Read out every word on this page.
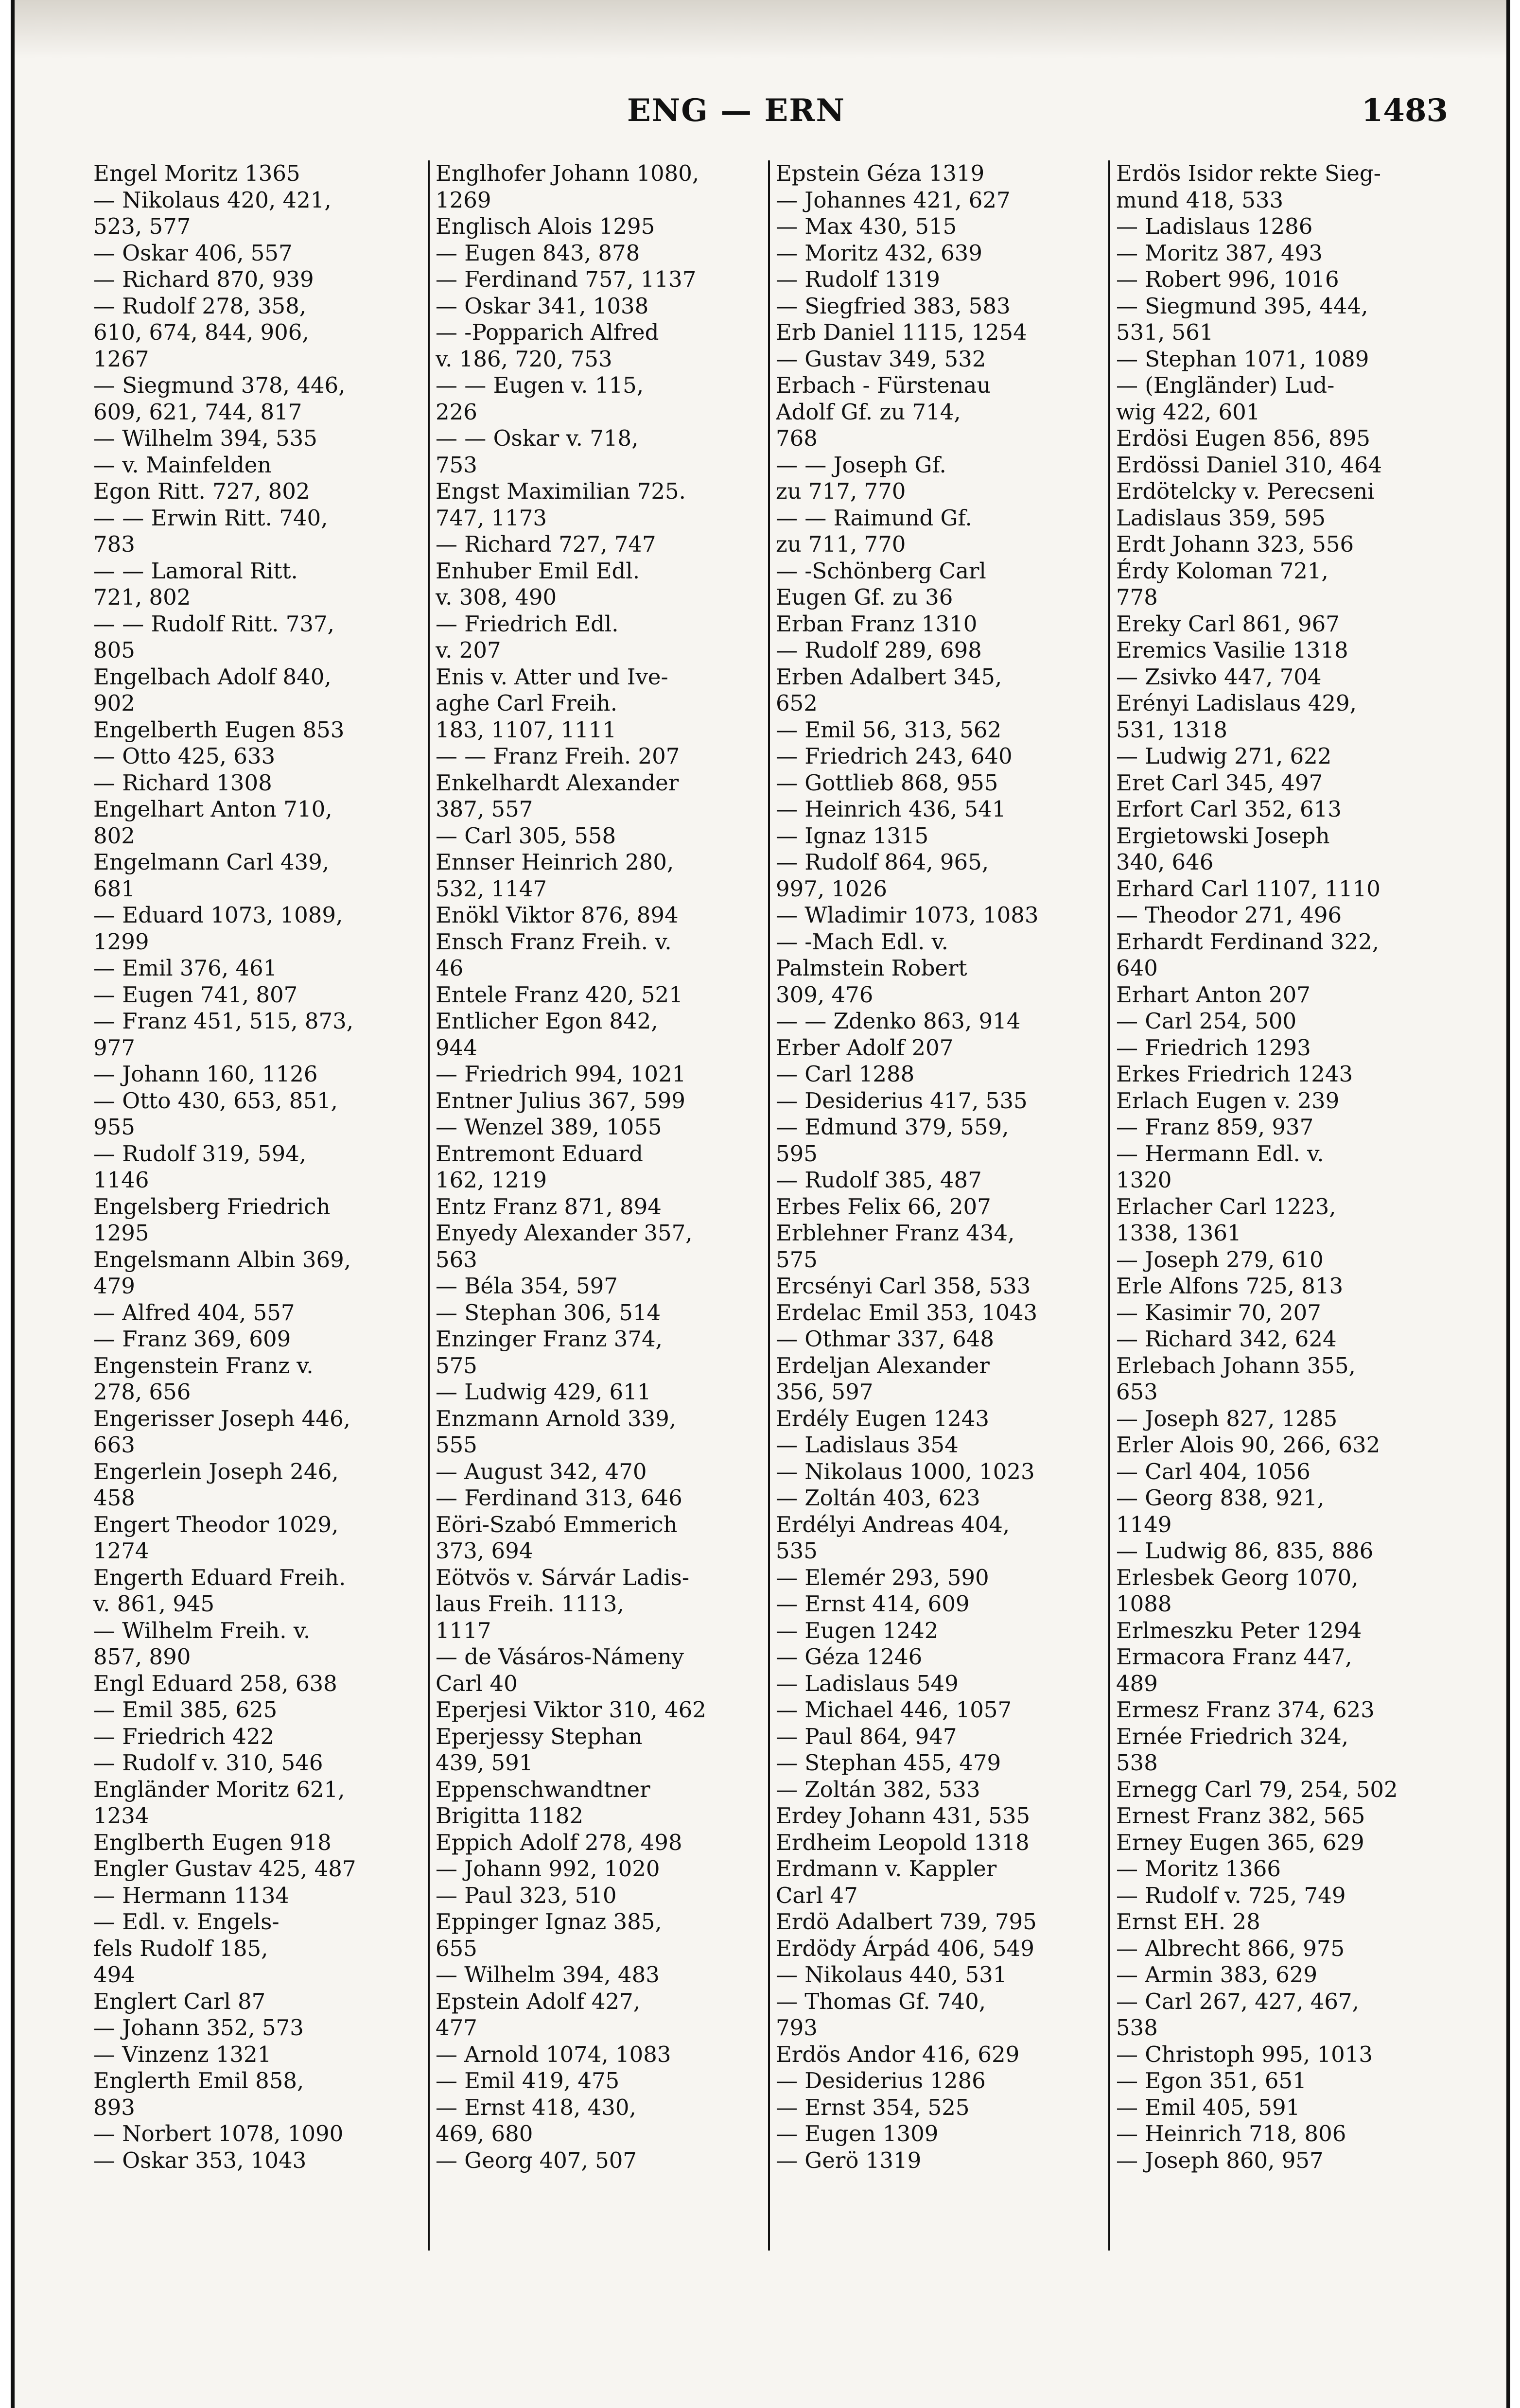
ENG — ERN	1483
Engel Moritz 1365
— Nikolaus 420, 421,
523, 577
— Oskar 406, 557
— Richard 870, 939
— Rudolf 278, 358,
610, 674, 844, 906,
1267
— Siegmund 378, 446,
609, 621, 744, 817
— Wilhelm 394, 535
— v. Mainfelden
Egon Ritt. 727, 802
— — Erwin Ritt. 740,
783
— — Lamoral Ritt.
721, 802
— — Rudolf Ritt. 737,
805
Engelbach Adolf 840,
902
Engelberth Eugen 853
— Otto 425, 633
— Richard 1308
Engelhart Anton 710,
802
Engelmann Carl 439,
681
— Eduard 1073, 1089,
1299
— Emil 376, 461
— Eugen 741, 807
— Franz 451, 515, 873,
977
— Johann 160, 1126
— Otto 430, 653, 851,
955
— Rudolf 319, 594,
1146
Engelsberg Friedrich
1295
Engelsmann Albin 369,
479
— Alfred 404, 557
— Franz 369, 609
Engenstein Franz v.
278, 656
Engerisser Joseph 446,
663
Engerlein Joseph 246,
458
Engert Theodor 1029,
1274
Engerth Eduard Freih.
v. 861, 945
— Wilhelm Freih. v.
857, 890
Engl Eduard 258, 638
— Emil 385, 625
— Friedrich 422
— Rudolf v. 310, 546
Engländer Moritz 621,
1234
Englberth Eugen 918
Engler Gustav 425, 487
— Hermann 1134
— Edl. v. Engels-
fels Rudolf 185,
494
Englert Carl 87
— Johann 352, 573
— Vinzenz 1321
Englerth Emil 858,
893
— Norbert 1078, 1090
— Oskar 353, 1043
Englhofer Johann 1080,
1269
Englisch Alois 1295
— Eugen 843, 878
— Ferdinand 757, 1137
— Oskar 341, 1038
— -Popparich Alfred
v. 186, 720, 753
— — Eugen v. 115,
226
— — Oskar v. 718,
753
Engst Maximilian 725.
747, 1173
— Richard 727, 747
Enhuber Emil Edl.
v. 308, 490
— Friedrich Edl.
v. 207
Enis v. Atter und Ive-
aghe Carl Freih.
183, 1107, 1111
— — Franz Freih. 207
Enkelhardt Alexander
387, 557
— Carl 305, 558
Ennser Heinrich 280,
532, 1147
Enökl Viktor 876, 894
Ensch Franz Freih. v.
46
Entele Franz 420, 521
Entlicher Egon 842,
944
— Friedrich 994, 1021
Entner Julius 367, 599
— Wenzel 389, 1055
Entremont Eduard
162, 1219
Entz Franz 871, 894
Enyedy Alexander 357,
563
— Béla 354, 597
— Stephan 306, 514
Enzinger Franz 374,
575
— Ludwig 429, 611
Enzmann Arnold 339,
555
— August 342, 470
— Ferdinand 313, 646
Eöri-Szabó Emmerich
373, 694
Eötvös v. Sárvár Ladis-
laus Freih. 1113,
1117
— de Vásáros-Námeny
Carl 40
Eperjesi Viktor 310, 462
Eperjessy Stephan
439, 591
Eppenschwandtner
Brigitta 1182
Eppich Adolf 278, 498
— Johann 992, 1020
— Paul 323, 510
Eppinger Ignaz 385,
655
— Wilhelm 394, 483
Epstein Adolf 427,
477
— Arnold 1074, 1083
— Emil 419, 475
— Ernst 418, 430,
469, 680
— Georg 407, 507
Epstein Géza 1319
— Johannes 421, 627
— Max 430, 515
— Moritz 432, 639
— Rudolf 1319
— Siegfried 383, 583
Erb Daniel 1115, 1254
— Gustav 349, 532
Erbach - Fürstenau
Adolf Gf. zu 714,
768
— — Joseph Gf.
zu 717, 770
— — Raimund Gf.
zu 711, 770
— -Schönberg Carl
Eugen Gf. zu 36
Erban Franz 1310
— Rudolf 289, 698
Erben Adalbert 345,
652
— Emil 56, 313, 562
— Friedrich 243, 640
— Gottlieb 868, 955
— Heinrich 436, 541
— Ignaz 1315
— Rudolf 864, 965,
997, 1026
— Wladimir 1073, 1083
— -Mach Edl. v.
Palmstein Robert
309, 476
— — Zdenko 863, 914
Erber Adolf 207
— Carl 1288
— Desiderius 417, 535
— Edmund 379, 559,
595
— Rudolf 385, 487
Erbes Felix 66, 207
Erblehner Franz 434,
575
Ercsényi Carl 358, 533
Erdelac Emil 353, 1043
— Othmar 337, 648
Erdeljan Alexander
356, 597
Erdély Eugen 1243
— Ladislaus 354
— Nikolaus 1000, 1023
— Zoltán 403, 623
Erdélyi Andreas 404,
535
— Elemér 293, 590
— Ernst 414, 609
— Eugen 1242
— Géza 1246
— Ladislaus 549
— Michael 446, 1057
— Paul 864, 947
— Stephan 455, 479
— Zoltán 382, 533
Erdey Johann 431, 535
Erdheim Leopold 1318
Erdmann v. Kappler
Carl 47
Erdö Adalbert 739, 795
Erdödy Árpád 406, 549
— Nikolaus 440, 531
— Thomas Gf. 740,
793
Erdös Andor 416, 629
— Desiderius 1286
— Ernst 354, 525
— Eugen 1309
— Gerö 1319
Erdös Isidor rekte Sieg-
mund 418, 533
— Ladislaus 1286
— Moritz 387, 493
— Robert 996, 1016
— Siegmund 395, 444,
531, 561
— Stephan 1071, 1089
— (Engländer) Lud-
wig 422, 601
Erdösi Eugen 856, 895
Erdössi Daniel 310, 464
Erdötelcky v. Perecseni
Ladislaus 359, 595
Erdt Johann 323, 556
Érdy Koloman 721,
778
Ereky Carl 861, 967
Eremics Vasilie 1318
— Zsivko 447, 704
Erényi Ladislaus 429,
531, 1318
— Ludwig 271, 622
Eret Carl 345, 497
Erfort Carl 352, 613
Ergietowski Joseph
340, 646
Erhard Carl 1107, 1110
— Theodor 271, 496
Erhardt Ferdinand 322,
640
Erhart Anton 207
— Carl 254, 500
— Friedrich 1293
Erkes Friedrich 1243
Erlach Eugen v. 239
— Franz 859, 937
— Hermann Edl. v.
1320
Erlacher Carl 1223,
1338, 1361
— Joseph 279, 610
Erle Alfons 725, 813
— Kasimir 70, 207
— Richard 342, 624
Erlebach Johann 355,
653
— Joseph 827, 1285
Erler Alois 90, 266, 632
— Carl 404, 1056
— Georg 838, 921,
1149
— Ludwig 86, 835, 886
Erlesbek Georg 1070,
1088
Erlmeszku Peter 1294
Ermacora Franz 447,
489
Ermesz Franz 374, 623
Ernée Friedrich 324,
538
Ernegg Carl 79, 254, 502
Ernest Franz 382, 565
Erney Eugen 365, 629
— Moritz 1366
— Rudolf v. 725, 749
Ernst EH. 28
— Albrecht 866, 975
— Armin 383, 629
— Carl 267, 427, 467,
538
— Christoph 995, 1013
— Egon 351, 651
— Emil 405, 591
— Heinrich 718, 806
— Joseph 860, 957
